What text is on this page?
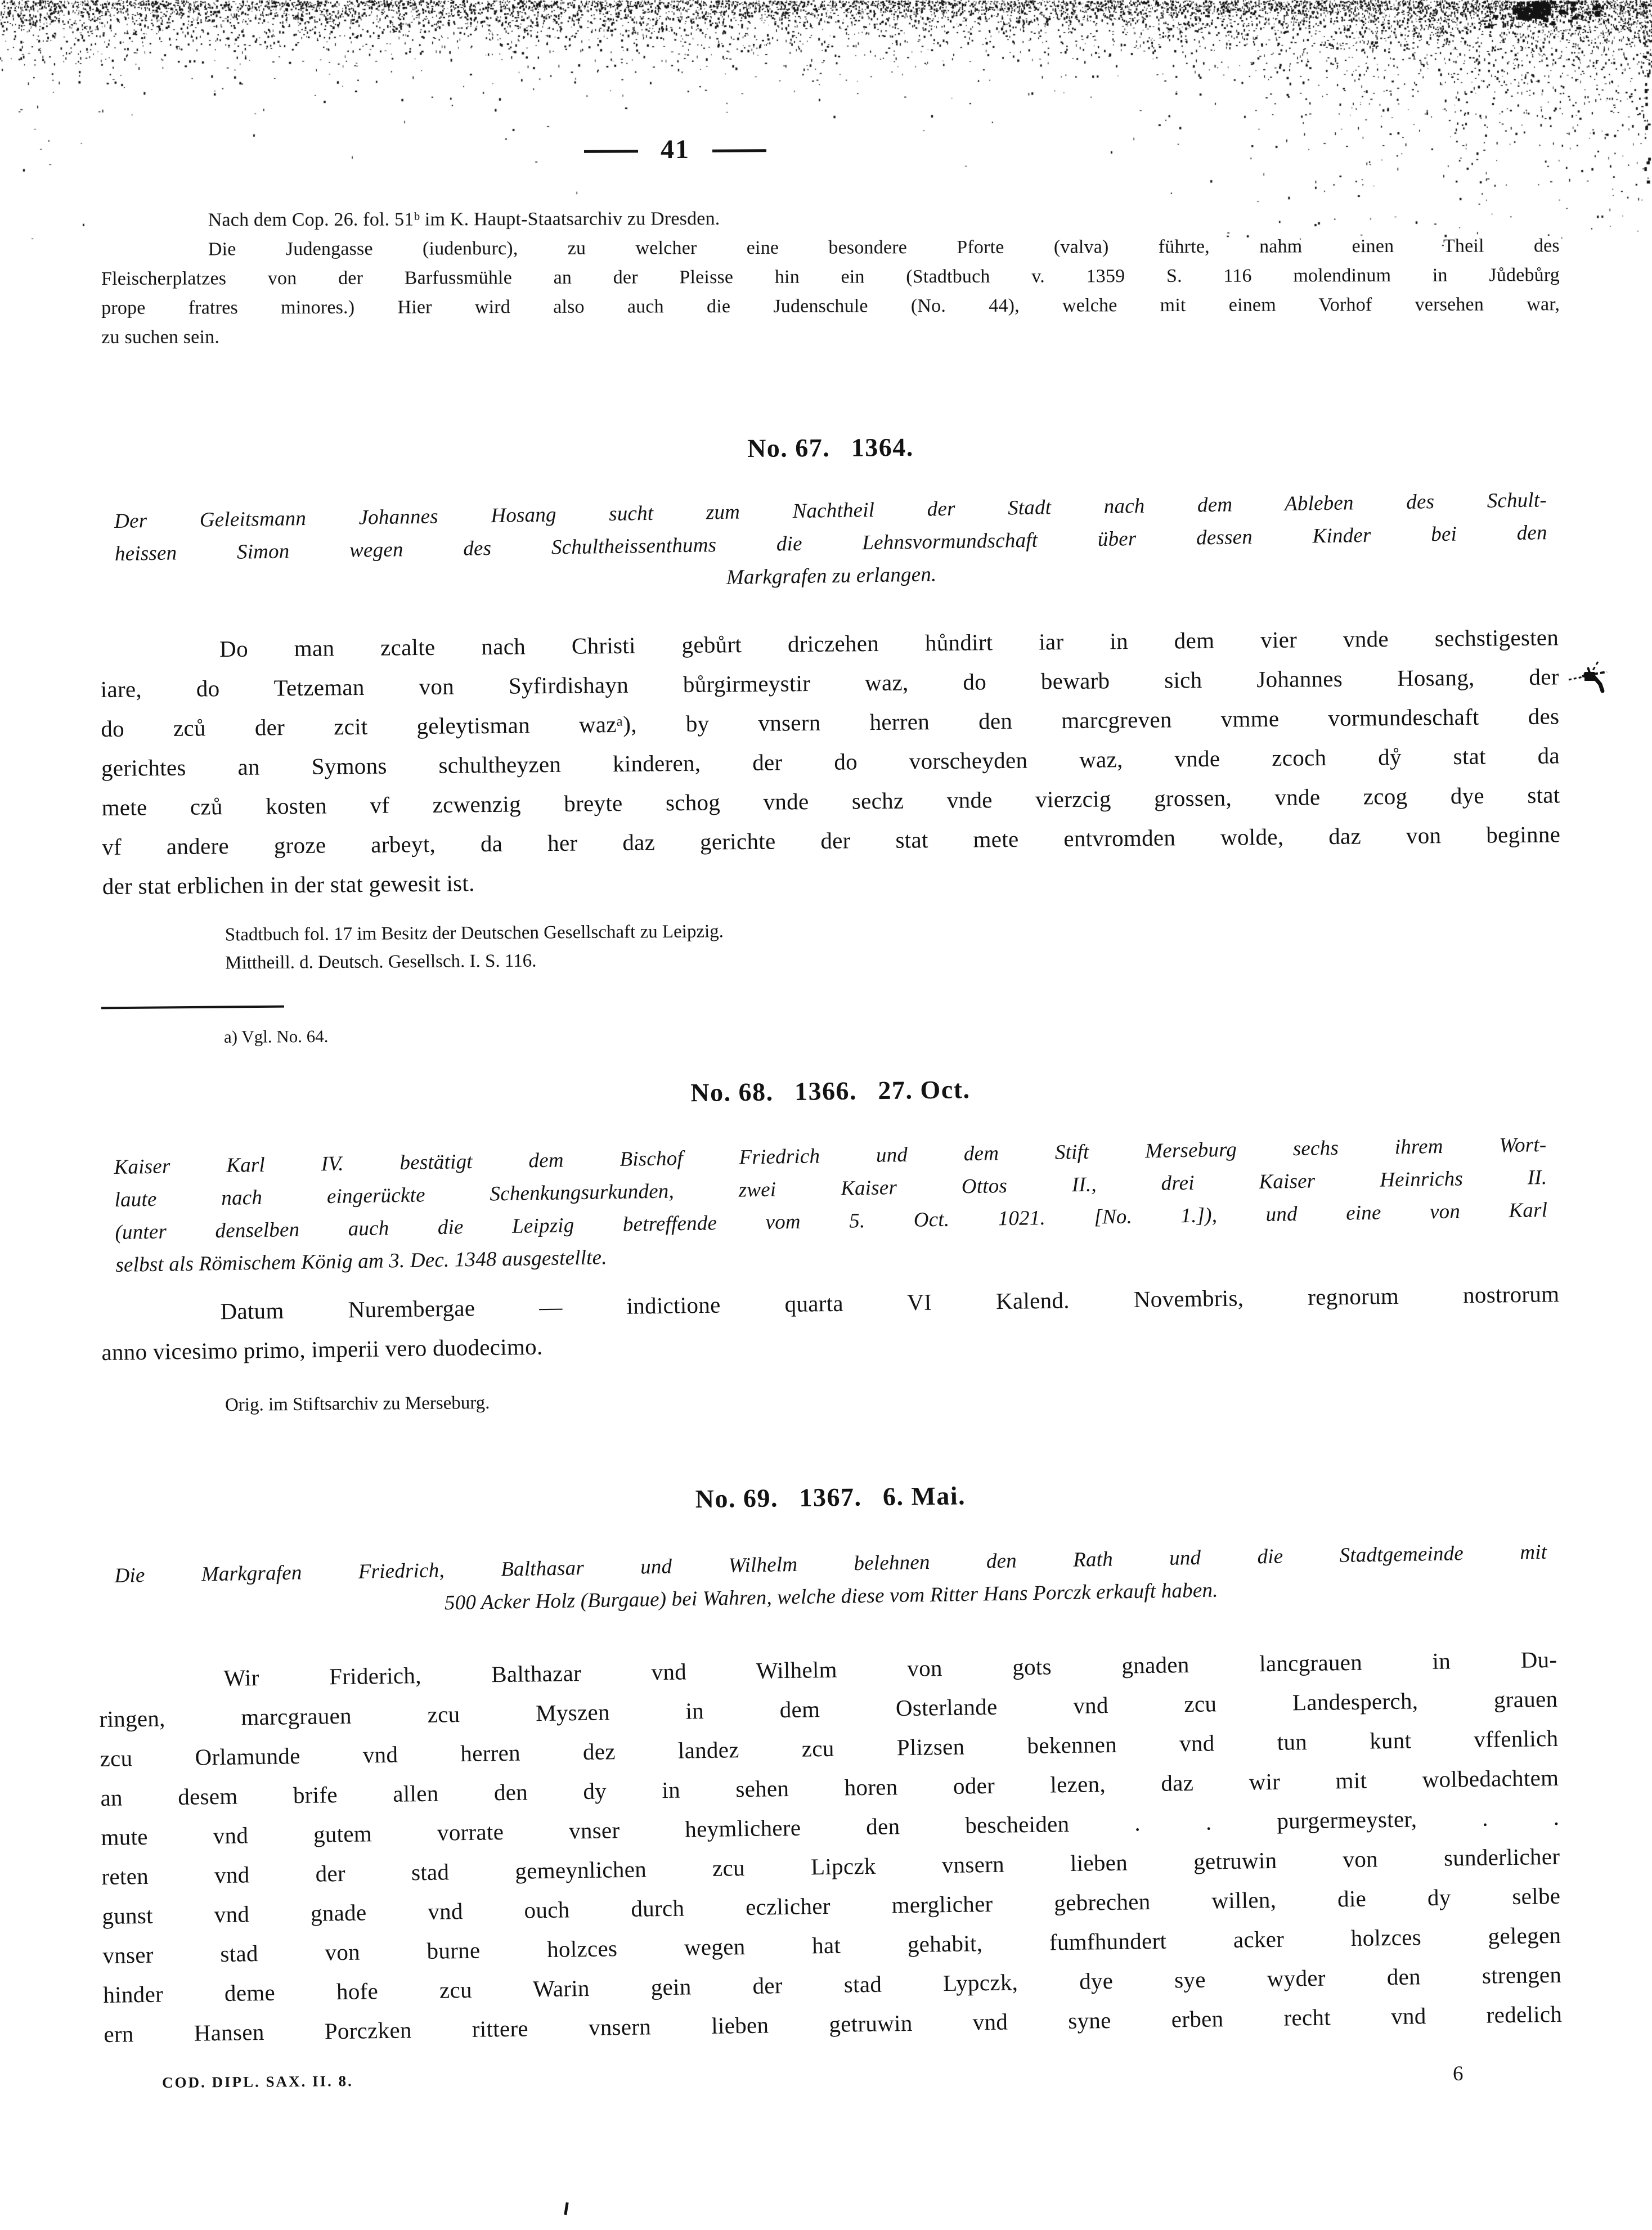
41
Nach dem Cop. 26. fol. 51ᵇ im K. Haupt-Staatsarchiv zu Dresden.
Die Judengasse (iudenburc), zu welcher eine besondere Pforte (valva) führte, nahm einen Theil des
Fleischerplatzes von der Barfussmühle an der Pleisse hin ein (Stadtbuch v. 1359 S. 116 molendinum in Jůdebůrg
prope fratres minores.) Hier wird also auch die Judenschule (No. 44), welche mit einem Vorhof versehen war,
zu suchen sein.
No. 67.  1364.
Der Geleitsmann Johannes Hosang sucht zum Nachtheil der Stadt nach dem Ableben des Schult-
heissen Simon wegen des Schultheissenthums die Lehnsvormundschaft über dessen Kinder bei den
Markgrafen zu erlangen.
Do man zcalte nach Christi gebůrt driczehen hůndirt iar in dem vier vnde sechstigesten
iare, do Tetzeman von Syfirdishayn bůrgirmeystir waz, do bewarb sich Johannes Hosang, der
do zců der zcit geleytisman wazᵃ), by vnsern herren den marcgreven vmme vormundeschaft des
gerichtes an Symons schultheyzen kinderen, der do vorscheyden waz, vnde zcoch dẙ stat da
mete czů kosten vf zcwenzig breyte schog vnde sechz vnde vierzcig grossen, vnde zcog dye stat
vf andere groze arbeyt, da her daz gerichte der stat mete entvromden wolde, daz von beginne
der stat erblichen in der stat gewesit ist.
Stadtbuch fol. 17 im Besitz der Deutschen Gesellschaft zu Leipzig.
Mittheill. d. Deutsch. Gesellsch. I. S. 116.
a) Vgl. No. 64.
No. 68.  1366.  27. Oct.
Kaiser Karl IV. bestätigt dem Bischof Friedrich und dem Stift Merseburg sechs ihrem Wort-
laute nach eingerückte Schenkungsurkunden, zwei Kaiser Ottos II., drei Kaiser Heinrichs II.
(unter denselben auch die Leipzig betreffende vom 5. Oct. 1021. [No. 1.]), und eine von Karl
selbst als Römischem König am 3. Dec. 1348 ausgestellte.
Datum Nurembergae — indictione quarta VI Kalend. Novembris, regnorum nostrorum
anno vicesimo primo, imperii vero duodecimo.
Orig. im Stiftsarchiv zu Merseburg.
No. 69.  1367.  6. Mai.
Die Markgrafen Friedrich, Balthasar und Wilhelm belehnen den Rath und die Stadtgemeinde mit
500 Acker Holz (Burgaue) bei Wahren, welche diese vom Ritter Hans Porczk erkauft haben.
Wir Friderich, Balthazar vnd Wilhelm von gots gnaden lancgrauen in Du-
ringen, marcgrauen zcu Myszen in dem Osterlande vnd zcu Landesperch, grauen
zcu Orlamunde vnd herren dez landez zcu Plizsen bekennen vnd tun kunt vffenlich
an desem brife allen den dy in sehen horen oder lezen, daz wir mit wolbedachtem
mute vnd gutem vorrate vnser heymlichere den bescheiden . . purgermeyster, . .
reten vnd der stad gemeynlichen zcu Lipczk vnsern lieben getruwin von sunderlicher
gunst vnd gnade vnd ouch durch eczlicher merglicher gebrechen willen, die dy selbe
vnser stad von burne holzces wegen hat gehabit, fumfhundert acker holzces gelegen
hinder deme hofe zcu Warin gein der stad Lypczk, dye sye wyder den strengen
ern Hansen Porczken rittere vnsern lieben getruwin vnd syne erben recht vnd redelich
COD. DIPL. SAX. II. 8.	6
